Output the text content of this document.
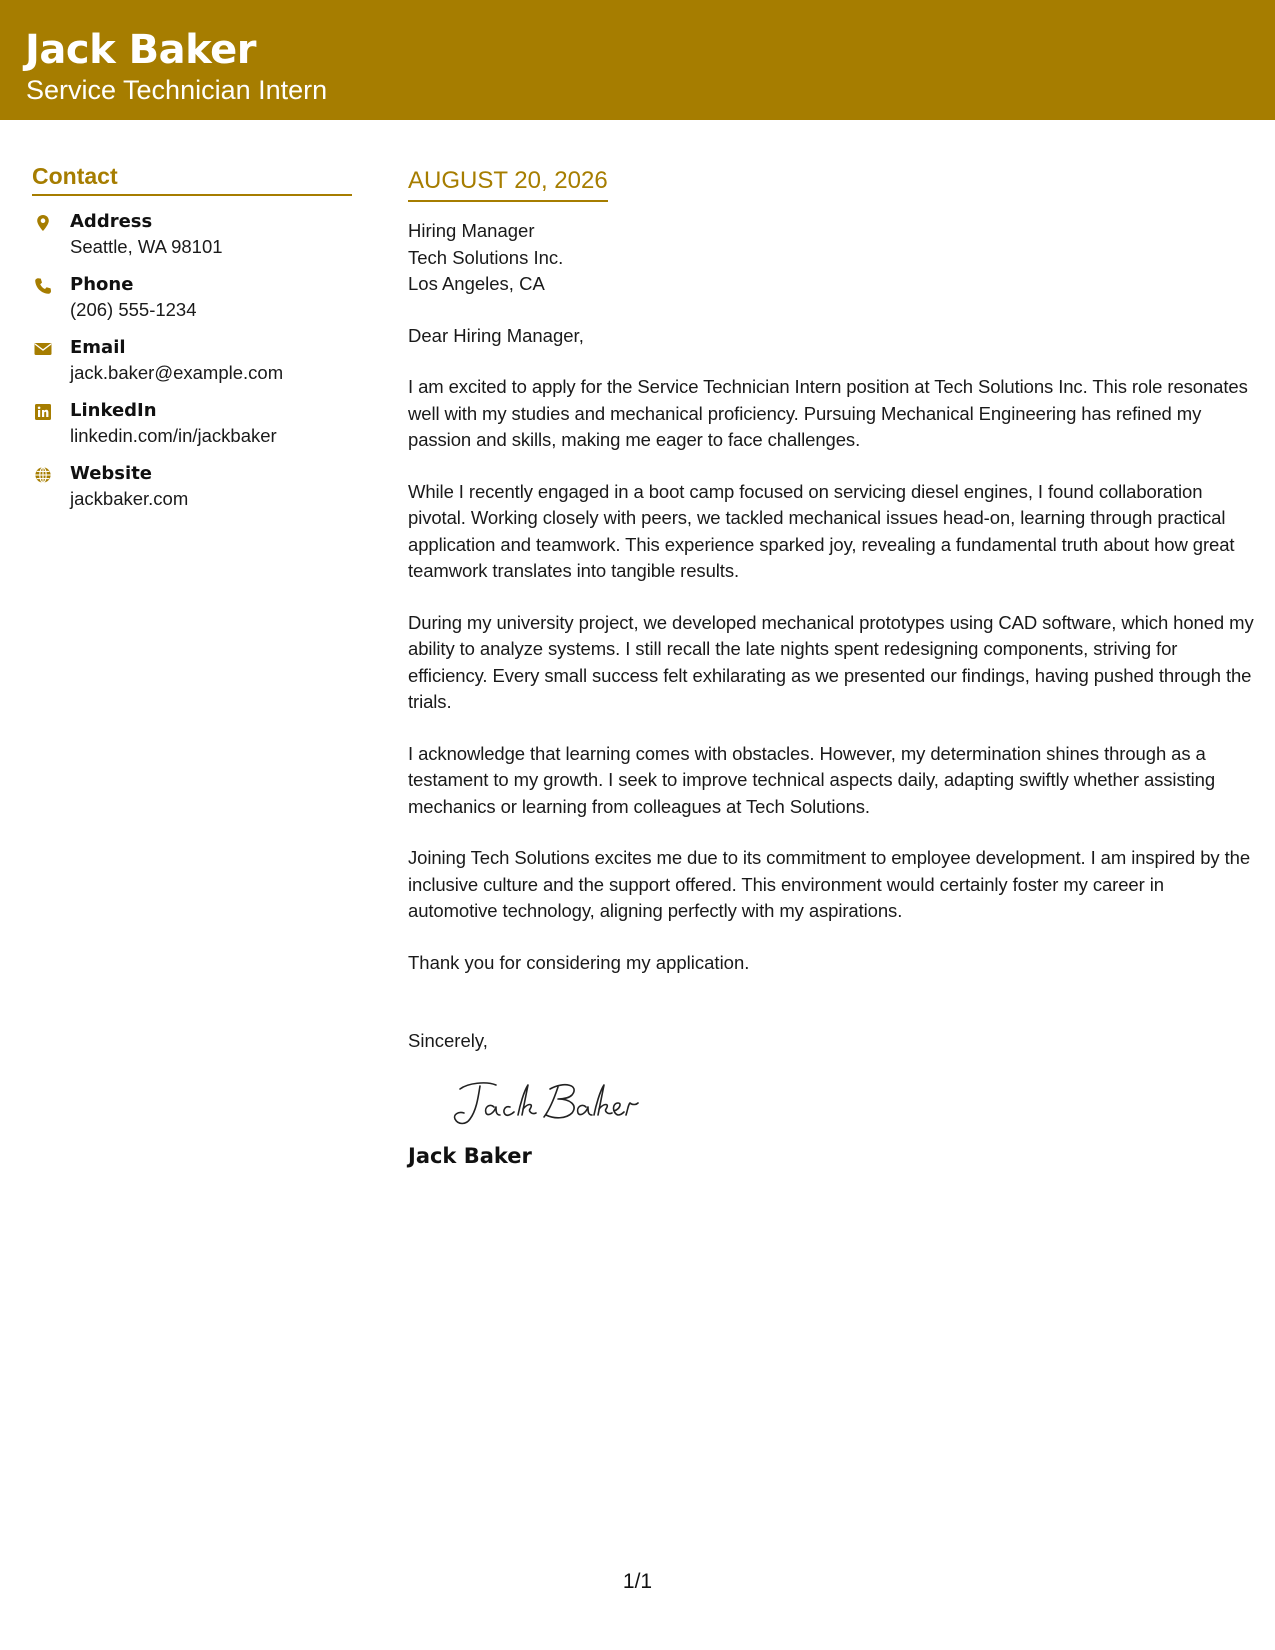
Jack Baker
Service Technician Intern
Contact
Address
Seattle, WA 98101
Phone
(206) 555-1234
Email
jack.baker@example.com
LinkedIn
linkedin.com/in/jackbaker
Website
jackbaker.com
AUGUST 20, 2026
Hiring Manager
Tech Solutions Inc.
Los Angeles, CA
Dear Hiring Manager,

I am excited to apply for the Service Technician Intern position at Tech Solutions Inc. This role resonates well with my studies and mechanical proficiency. Pursuing Mechanical Engineering has refined my passion and skills, making me eager to face challenges.

While I recently engaged in a boot camp focused on servicing diesel engines, I found collaboration pivotal. Working closely with peers, we tackled mechanical issues head-on, learning through practical application and teamwork. This experience sparked joy, revealing a fundamental truth about how great teamwork translates into tangible results.

During my university project, we developed mechanical prototypes using CAD software, which honed my ability to analyze systems. I still recall the late nights spent redesigning components, striving for efficiency. Every small success felt exhilarating as we presented our findings, having pushed through the trials.

I acknowledge that learning comes with obstacles. However, my determination shines through as a testament to my growth. I seek to improve technical aspects daily, adapting swiftly whether assisting mechanics or learning from colleagues at Tech Solutions.

Joining Tech Solutions excites me due to its commitment to employee development. I am inspired by the inclusive culture and the support offered. This environment would certainly foster my career in automotive technology, aligning perfectly with my aspirations.

Thank you for considering my application.
Sincerely,
Jack Baker
1/1
